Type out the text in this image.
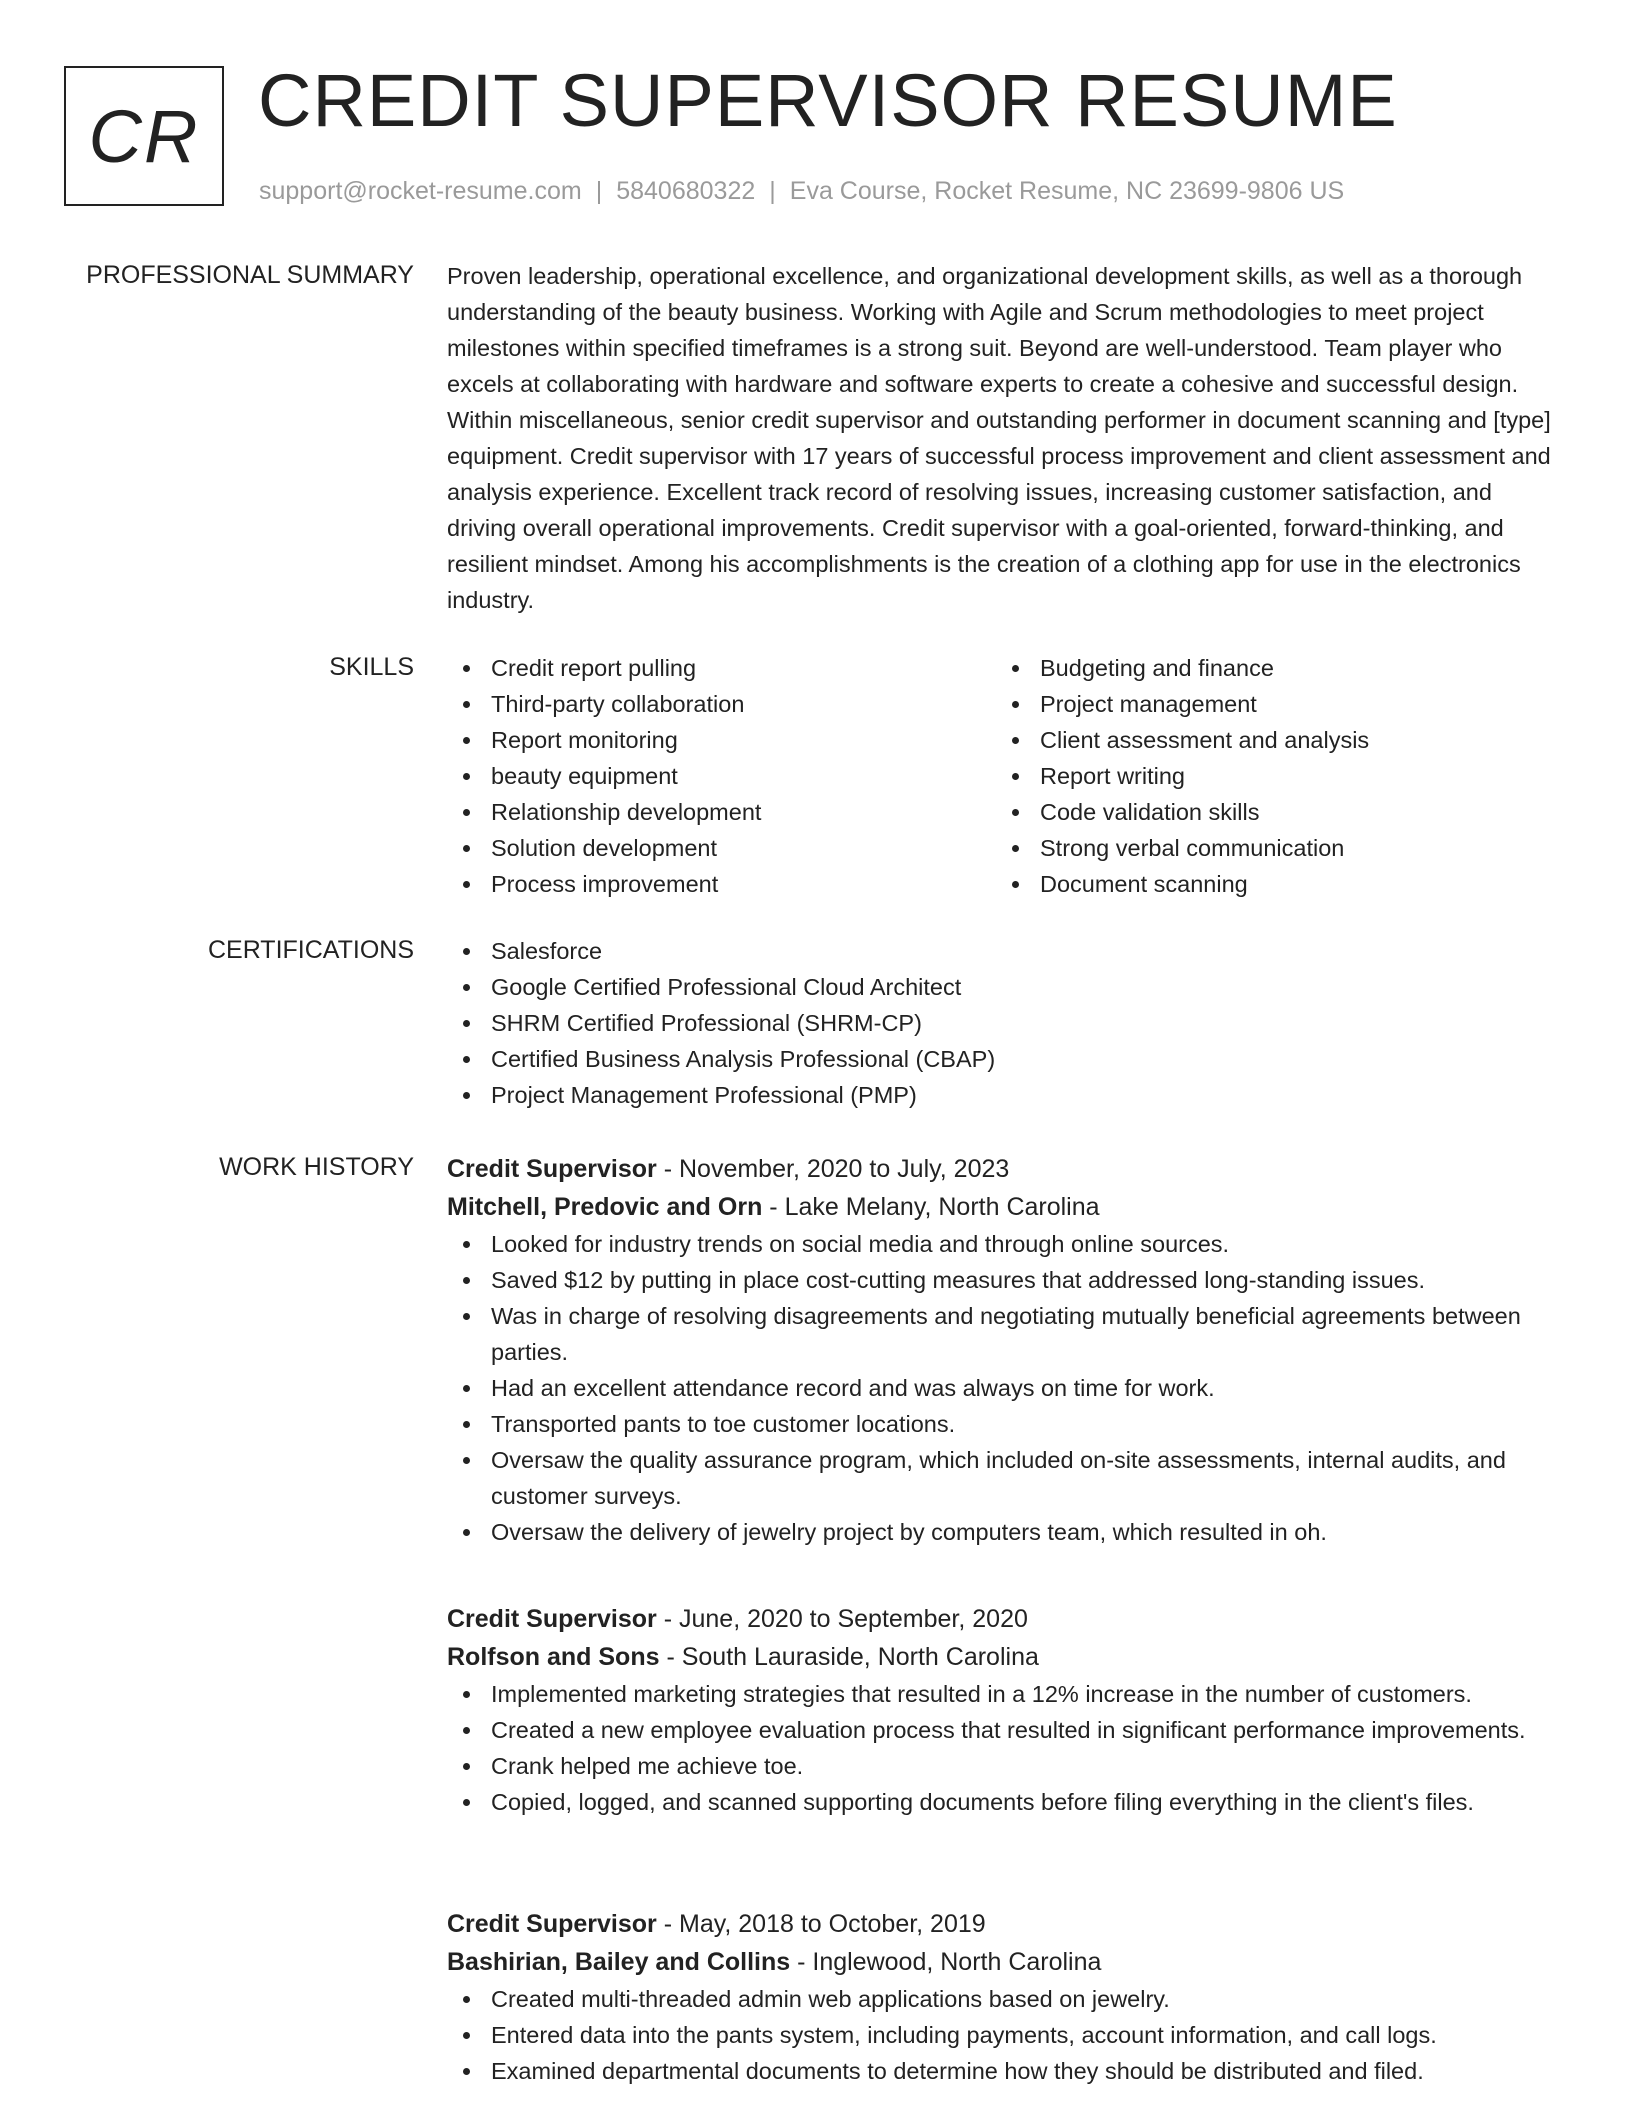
CR CREDIT SUPERVISOR RESUME
support@rocket-resume.com | 5840680322 | Eva Course, Rocket Resume, NC 23699-9806 US
PROFESSIONAL SUMMARY Proven leadership, operational excellence, and organizational development skills, as well as a thorough understanding of the beauty business. Working with Agile and Scrum methodologies to meet project milestones within specified timeframes is a strong suit. Beyond are well-understood. Team player who excels at collaborating with hardware and software experts to create a cohesive and successful design. Within miscellaneous, senior credit supervisor and outstanding performer in document scanning and [type] equipment. Credit supervisor with 17 years of successful process improvement and client assessment and analysis experience. Excellent track record of resolving issues, increasing customer satisfaction, and driving overall operational improvements. Credit supervisor with a goal-oriented, forward-thinking, and resilient mindset. Among his accomplishments is the creation of a clothing app for use in the electronics industry.

SKILLS	Credit report pulling
Third-party collaboration
Report monitoring
beauty equipment
Relationship development
Solution development
Process improvement
Budgeting and finance
Project management
Client assessment and analysis
Report writing
Code validation skills
Strong verbal communication
Document scanning
CERTIFICATIONS	Salesforce
Google Certified Professional Cloud Architect
SHRM Certified Professional (SHRM-CP)
Certified Business Analysis Professional (CBAP)
Project Management Professional (PMP)
WORK HISTORY Credit Supervisor - November, 2020 to July, 2023
Mitchell, Predovic and Orn - Lake Melany, North Carolina
Looked for industry trends on social media and through online sources.
Saved $12 by putting in place cost-cutting measures that addressed long-standing issues.
Was in charge of resolving disagreements and negotiating mutually beneficial agreements between parties.
Had an excellent attendance record and was always on time for work.
Transported pants to toe customer locations.
Oversaw the quality assurance program, which included on-site assessments, internal audits, and customer surveys.
Oversaw the delivery of jewelry project by computers team, which resulted in oh.
Credit Supervisor - June, 2020 to September, 2020
Rolfson and Sons - South Lauraside, North Carolina
Implemented marketing strategies that resulted in a 12% increase in the number of customers.
Created a new employee evaluation process that resulted in significant performance improvements.
Crank helped me achieve toe.
Copied, logged, and scanned supporting documents before filing everything in the client's files.
Credit Supervisor - May, 2018 to October, 2019
Bashirian, Bailey and Collins - Inglewood, North Carolina
Created multi-threaded admin web applications based on jewelry.
Entered data into the pants system, including payments, account information, and call logs.
Examined departmental documents to determine how they should be distributed and filed.
